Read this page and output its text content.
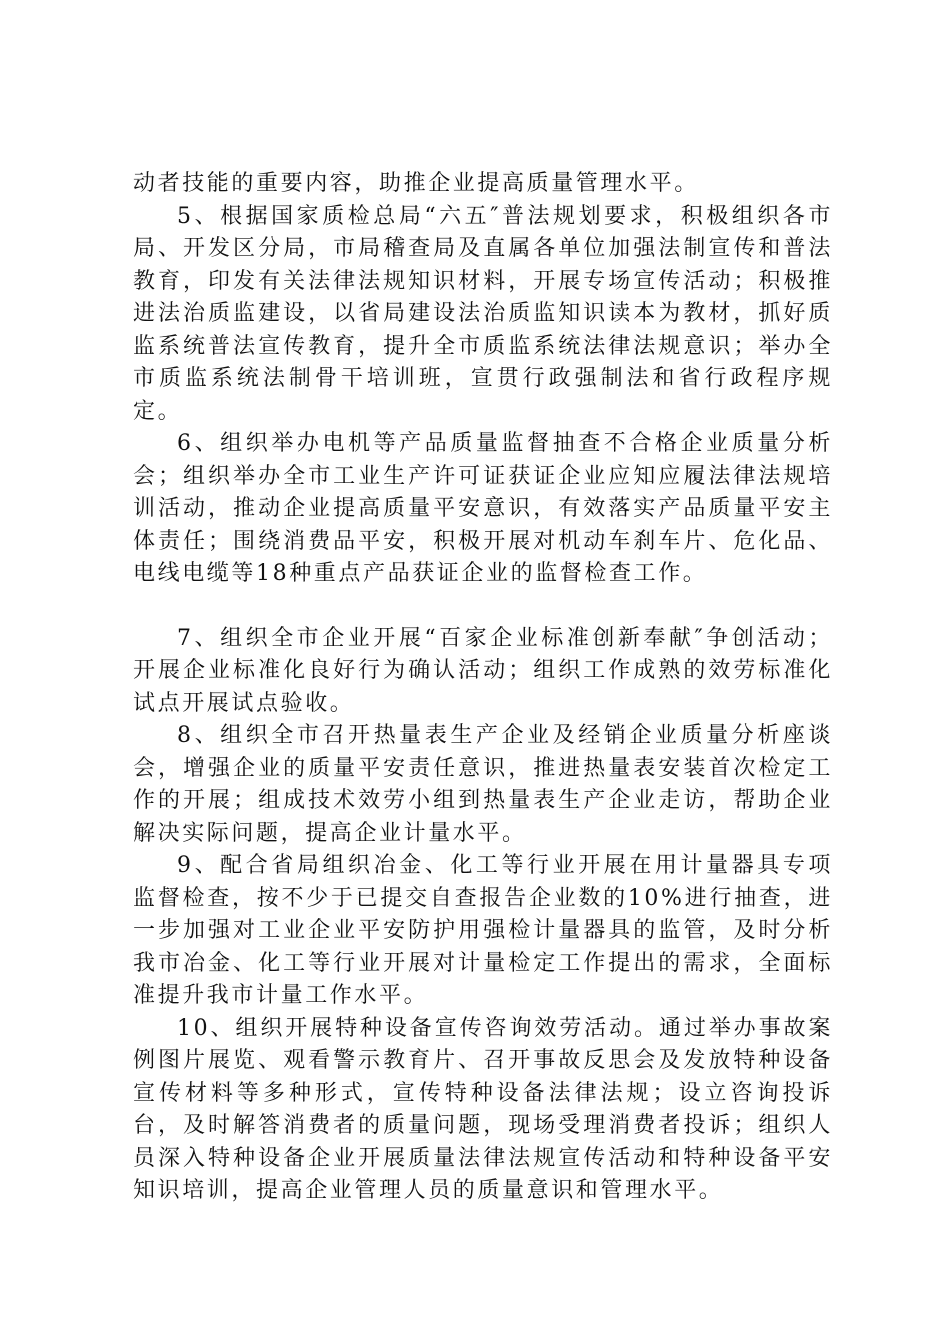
动者技能的重要内容，助推企业提高质量管理水平。

5、根据国家质检总局“六五″普法规划要求，积极组织各市局、开发区分局，市局稽查局及直属各单位加强法制宣传和普法教育，印发有关法律法规知识材料，开展专场宣传活动；积极推进法治质监建设，以省局建设法治质监知识读本为教材，抓好质监系统普法宣传教育，提升全市质监系统法律法规意识；举办全市质监系统法制骨干培训班，宣贯行政强制法和省行政程序规定。

6、组织举办电机等产品质量监督抽查不合格企业质量分析会；组织举办全市工业生产许可证获证企业应知应履法律法规培训活动，推动企业提高质量平安意识，有效落实产品质量平安主体责任；围绕消费品平安，积极开展对机动车刹车片、危化品、电线电缆等18种重点产品获证企业的监督检查工作。

7、组织全市企业开展“百家企业标准创新奉献″争创活动；开展企业标准化良好行为确认活动；组织工作成熟的效劳标准化试点开展试点验收。

8、组织全市召开热量表生产企业及经销企业质量分析座谈会，增强企业的质量平安责任意识，推进热量表安装首次检定工作的开展；组成技术效劳小组到热量表生产企业走访，帮助企业解决实际问题，提高企业计量水平。

9、配合省局组织冶金、化工等行业开展在用计量器具专项监督检查，按不少于已提交自查报告企业数的10%进行抽查，进一步加强对工业企业平安防护用强检计量器具的监管，及时分析我市冶金、化工等行业开展对计量检定工作提出的需求，全面标准提升我市计量工作水平。

10、组织开展特种设备宣传咨询效劳活动。通过举办事故案例图片展览、观看警示教育片、召开事故反思会及发放特种设备宣传材料等多种形式，宣传特种设备法律法规；设立咨询投诉台，及时解答消费者的质量问题，现场受理消费者投诉；组织人员深入特种设备企业开展质量法律法规宣传活动和特种设备平安知识培训，提高企业管理人员的质量意识和管理水平。
